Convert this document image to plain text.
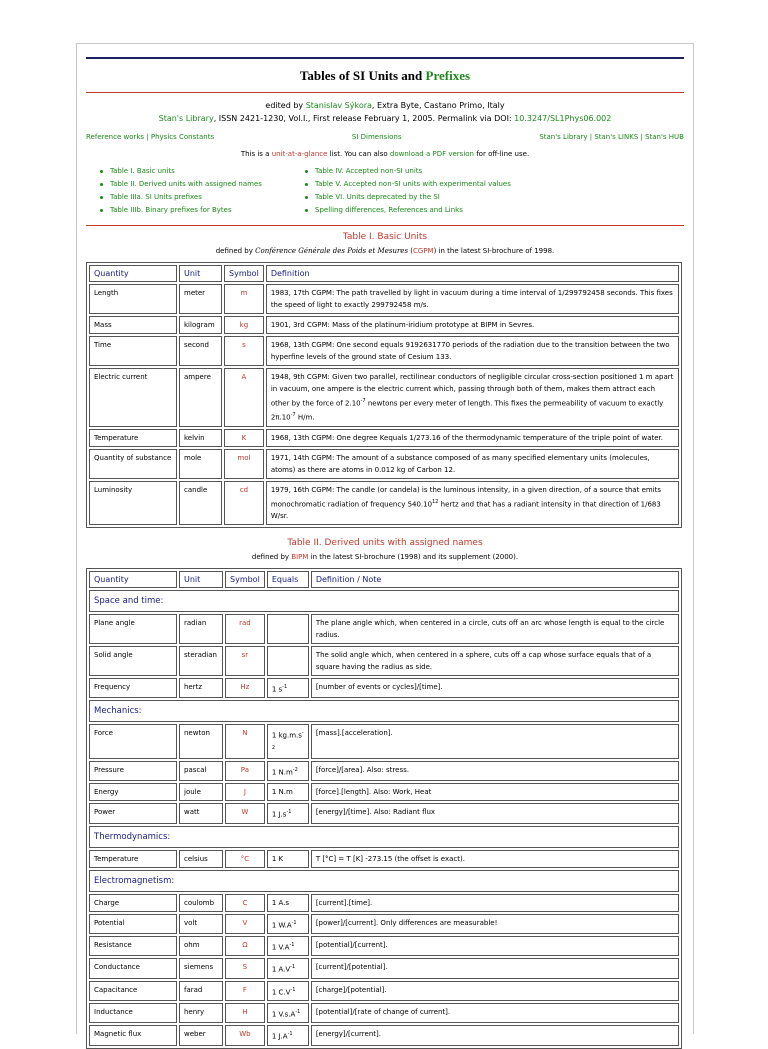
Tables of SI Units and Prefixes
edited by Stanislav Sýkora, Extra Byte, Castano Primo, Italy
Stan's Library, ISSN 2421-1230, Vol.I., First release February 1, 2005. Permalink via DOI: 10.3247/SL1Phys06.002
Reference works | Physics Constants	SI Dimensions	Stan's Library | Stan's LINKS | Stan's HUB
This is a unit-at-a-glance list. You can also download a PDF version for off-line use.
Table I. Basic units
Table II. Derived units with assigned names
Table IIIa. SI Units prefixes
Table IIIb. Binary prefixes for Bytes
Table IV. Accepted non-SI units
Table V. Accepted non-SI units with experimental values
Table VI. Units deprecated by the SI
Spelling differences, References and Links
Table I. Basic Units
defined by Conférence Générale des Poids et Mesures (CGPM) in the latest SI-brochure of 1998.
Quantity	Unit	Symbol	Definition
Length	meter	m	1983, 17th CGPM: The path travelled by light in vacuum during a time interval of 1/299792458 seconds. This fixes the speed of light to exactly 299792458 m/s.
Mass	kilogram	kg	1901, 3rd CGPM: Mass of the platinum-iridium prototype at BIPM in Sevres.
Time	second	s	1968, 13th CGPM: One second equals 9192631770 periods of the radiation due to the transition between the two hyperfine levels of the ground state of Cesium 133.
Electric current	ampere	A	1948, 9th CGPM: Given two parallel, rectilinear conductors of negligible circular cross-section positioned 1 m apart in vacuum, one ampere is the electric current which, passing through both of them, makes them attract each other by the force of $2.10^{-7}$ newtons per every meter of length. This fixes the permeability of vacuum to exactly $2\pi.10^{-7}$ H/m.
Temperature	kelvin	K	1968, 13th CGPM: One degree Kequals 1/273.16 of the thermodynamic temperature of the triple point of water.
Quantity of substance	mole	mol	1971, 14th CGPM: The amount of a substance composed of as many specified elementary units (molecules, atoms) as there are atoms in 0.012 kg of Carbon 12.
Luminosity	candle	cd	1979, 16th CGPM: The candle (or candela) is the luminous intensity, in a given direction, of a source that emits monochromatic radiation of frequency 540.10$^{12}$ hertz and that has a radiant intensity in that direction of 1/683 W/sr.
Table II. Derived units with assigned names
defined by BIPM in the latest SI-brochure (1998) and its supplement (2000).
Quantity	Unit	Symbol	Equals	Definition / Note
Space and time:				
Plane angle	radian	rad		The plane angle which, when centered in a circle, cuts off an arc whose length is equal to the circle radius.
Solid angle	steradian	sr		The solid angle which, when centered in a sphere, cuts off a cap whose surface equals that of a square having the radius as side.
Frequency	hertz	Hz	1 $s^{-1}$	[number of events or cycles]/[time].
Mechanics:				
Force	newton	N	1 $kg.m.s^{-2}$	[mass].[acceleration].
Pressure	pascal	Pa	1 $N.m^{-2}$	[force]/[area]. Also: stress.
Energy	joule	J	1 N.m	[force].[length]. Also: Work, Heat
Power	watt	W	1 $J.s^{-1}$	[energy]/[time]. Also: Radiant flux
Thermodynamics:				
Temperature	celsius	°C	1 K	T [°C] = T [K] -273.15 (the offset is exact).
Electromagnetism:				
Charge	coulomb	C	1 A.s	[current].[time].
Potential	volt	V	1 $W.A^{-1}$	[power]/[current]. Only differences are measurable!
Resistance	ohm	Ω	1 $V.A^{-1}$	[potential]/[current].
Conductance	siemens	S	1 $A.V^{-1}$	[current]/[potential].
Capacitance	farad	F	1 $C.V^{-1}$	[charge]/[potential].
Inductance	henry	H	1 $V.s.A^{-1}$	[potential]/[rate of change of current].
Magnetic flux	weber	Wb	1 $J.A^{-1}$	[energy]/[current].
